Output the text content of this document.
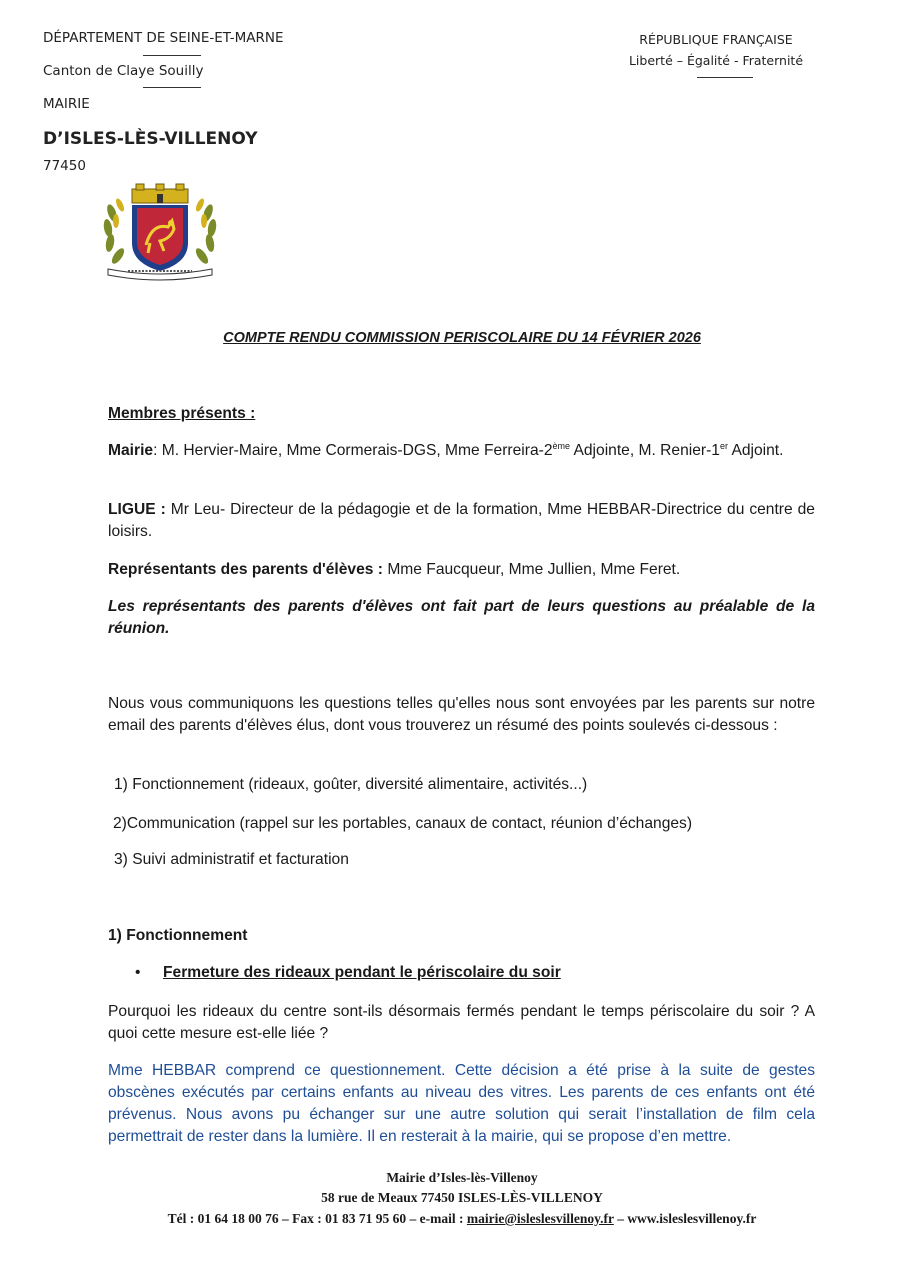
DÉPARTEMENT DE SEINE-ET-MARNE
Canton de Claye Souilly
MAIRIE
D’ISLES-LÈS-VILLENOY
77450
RÉPUBLIQUE FRANÇAISE
Liberté – Égalité - Fraternité
COMPTE RENDU COMMISSION PERISCOLAIRE DU 14 FÉVRIER 2026
Membres présents :
Mairie: M. Hervier-Maire, Mme Cormerais-DGS, Mme Ferreira-2ème Adjointe, M. Renier-1er Adjoint.
LIGUE : Mr Leu- Directeur de la pédagogie et de la formation, Mme HEBBAR-Directrice du centre de loisirs.
Représentants des parents d'élèves : Mme Faucqueur, Mme Jullien, Mme Feret.
Les représentants des parents d'élèves ont fait part de leurs questions au préalable de la réunion.
Nous vous communiquons les questions telles qu'elles nous sont envoyées par les parents sur notre email des parents d'élèves élus, dont vous trouverez un résumé des points soulevés ci-dessous :
1) Fonctionnement (rideaux, goûter, diversité alimentaire, activités...)
2)Communication (rappel sur les portables, canaux de contact, réunion d’échanges)
3) Suivi administratif et facturation
1) Fonctionnement
• Fermeture des rideaux pendant le périscolaire du soir
Pourquoi les rideaux du centre sont-ils désormais fermés pendant le temps périscolaire du soir ? A quoi cette mesure est-elle liée ?
Mme HEBBAR comprend ce questionnement. Cette décision a été prise à la suite de gestes obscènes exécutés par certains enfants au niveau des vitres. Les parents de ces enfants ont été prévenus. Nous avons pu échanger sur une autre solution qui serait l’installation de film cela permettrait de rester dans la lumière. Il en resterait à la mairie, qui se propose d’en mettre.
Mairie d’Isles-lès-Villenoy
58 rue de Meaux 77450 ISLES-LÈS-VILLENOY
Tél : 01 64 18 00 76 – Fax : 01 83 71 95 60 – e-mail : mairie@isleslesvillenoy.fr – www.isleslesvillenoy.fr
